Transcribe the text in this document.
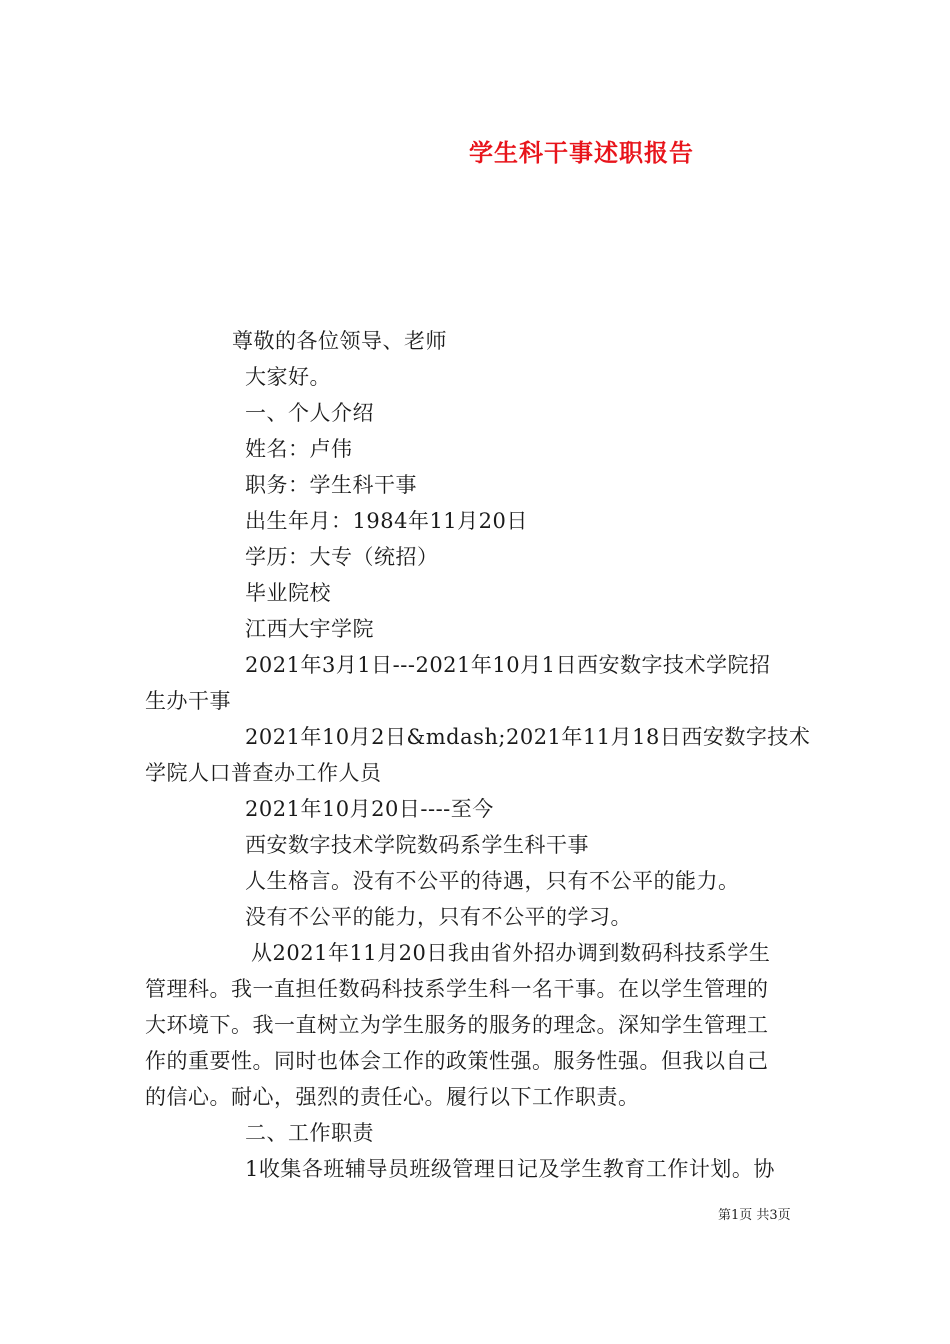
学生科干事述职报告
尊敬的各位领导、老师
大家好。
一、个人介绍
姓名：卢伟
职务：学生科干事
出生年月：1984年11月20日
学历：大专（统招）
毕业院校
江西大宇学院
2021年3月1日---2021年10月1日西安数字技术学院招
生办干事
2021年10月2日&mdash;2021年11月18日西安数字技术
学院人口普查办工作人员
2021年10月20日----至今
西安数字技术学院数码系学生科干事
人生格言。没有不公平的待遇，只有不公平的能力。
没有不公平的能力，只有不公平的学习。
从2021年11月20日我由省外招办调到数码科技系学生
管理科。我一直担任数码科技系学生科一名干事。在以学生管理的
大环境下。我一直树立为学生服务的服务的理念。深知学生管理工
作的重要性。同时也体会工作的政策性强。服务性强。但我以自己
的信心。耐心，强烈的责任心。履行以下工作职责。
二、工作职责
1收集各班辅导员班级管理日记及学生教育工作计划。协
第1页 共3页
